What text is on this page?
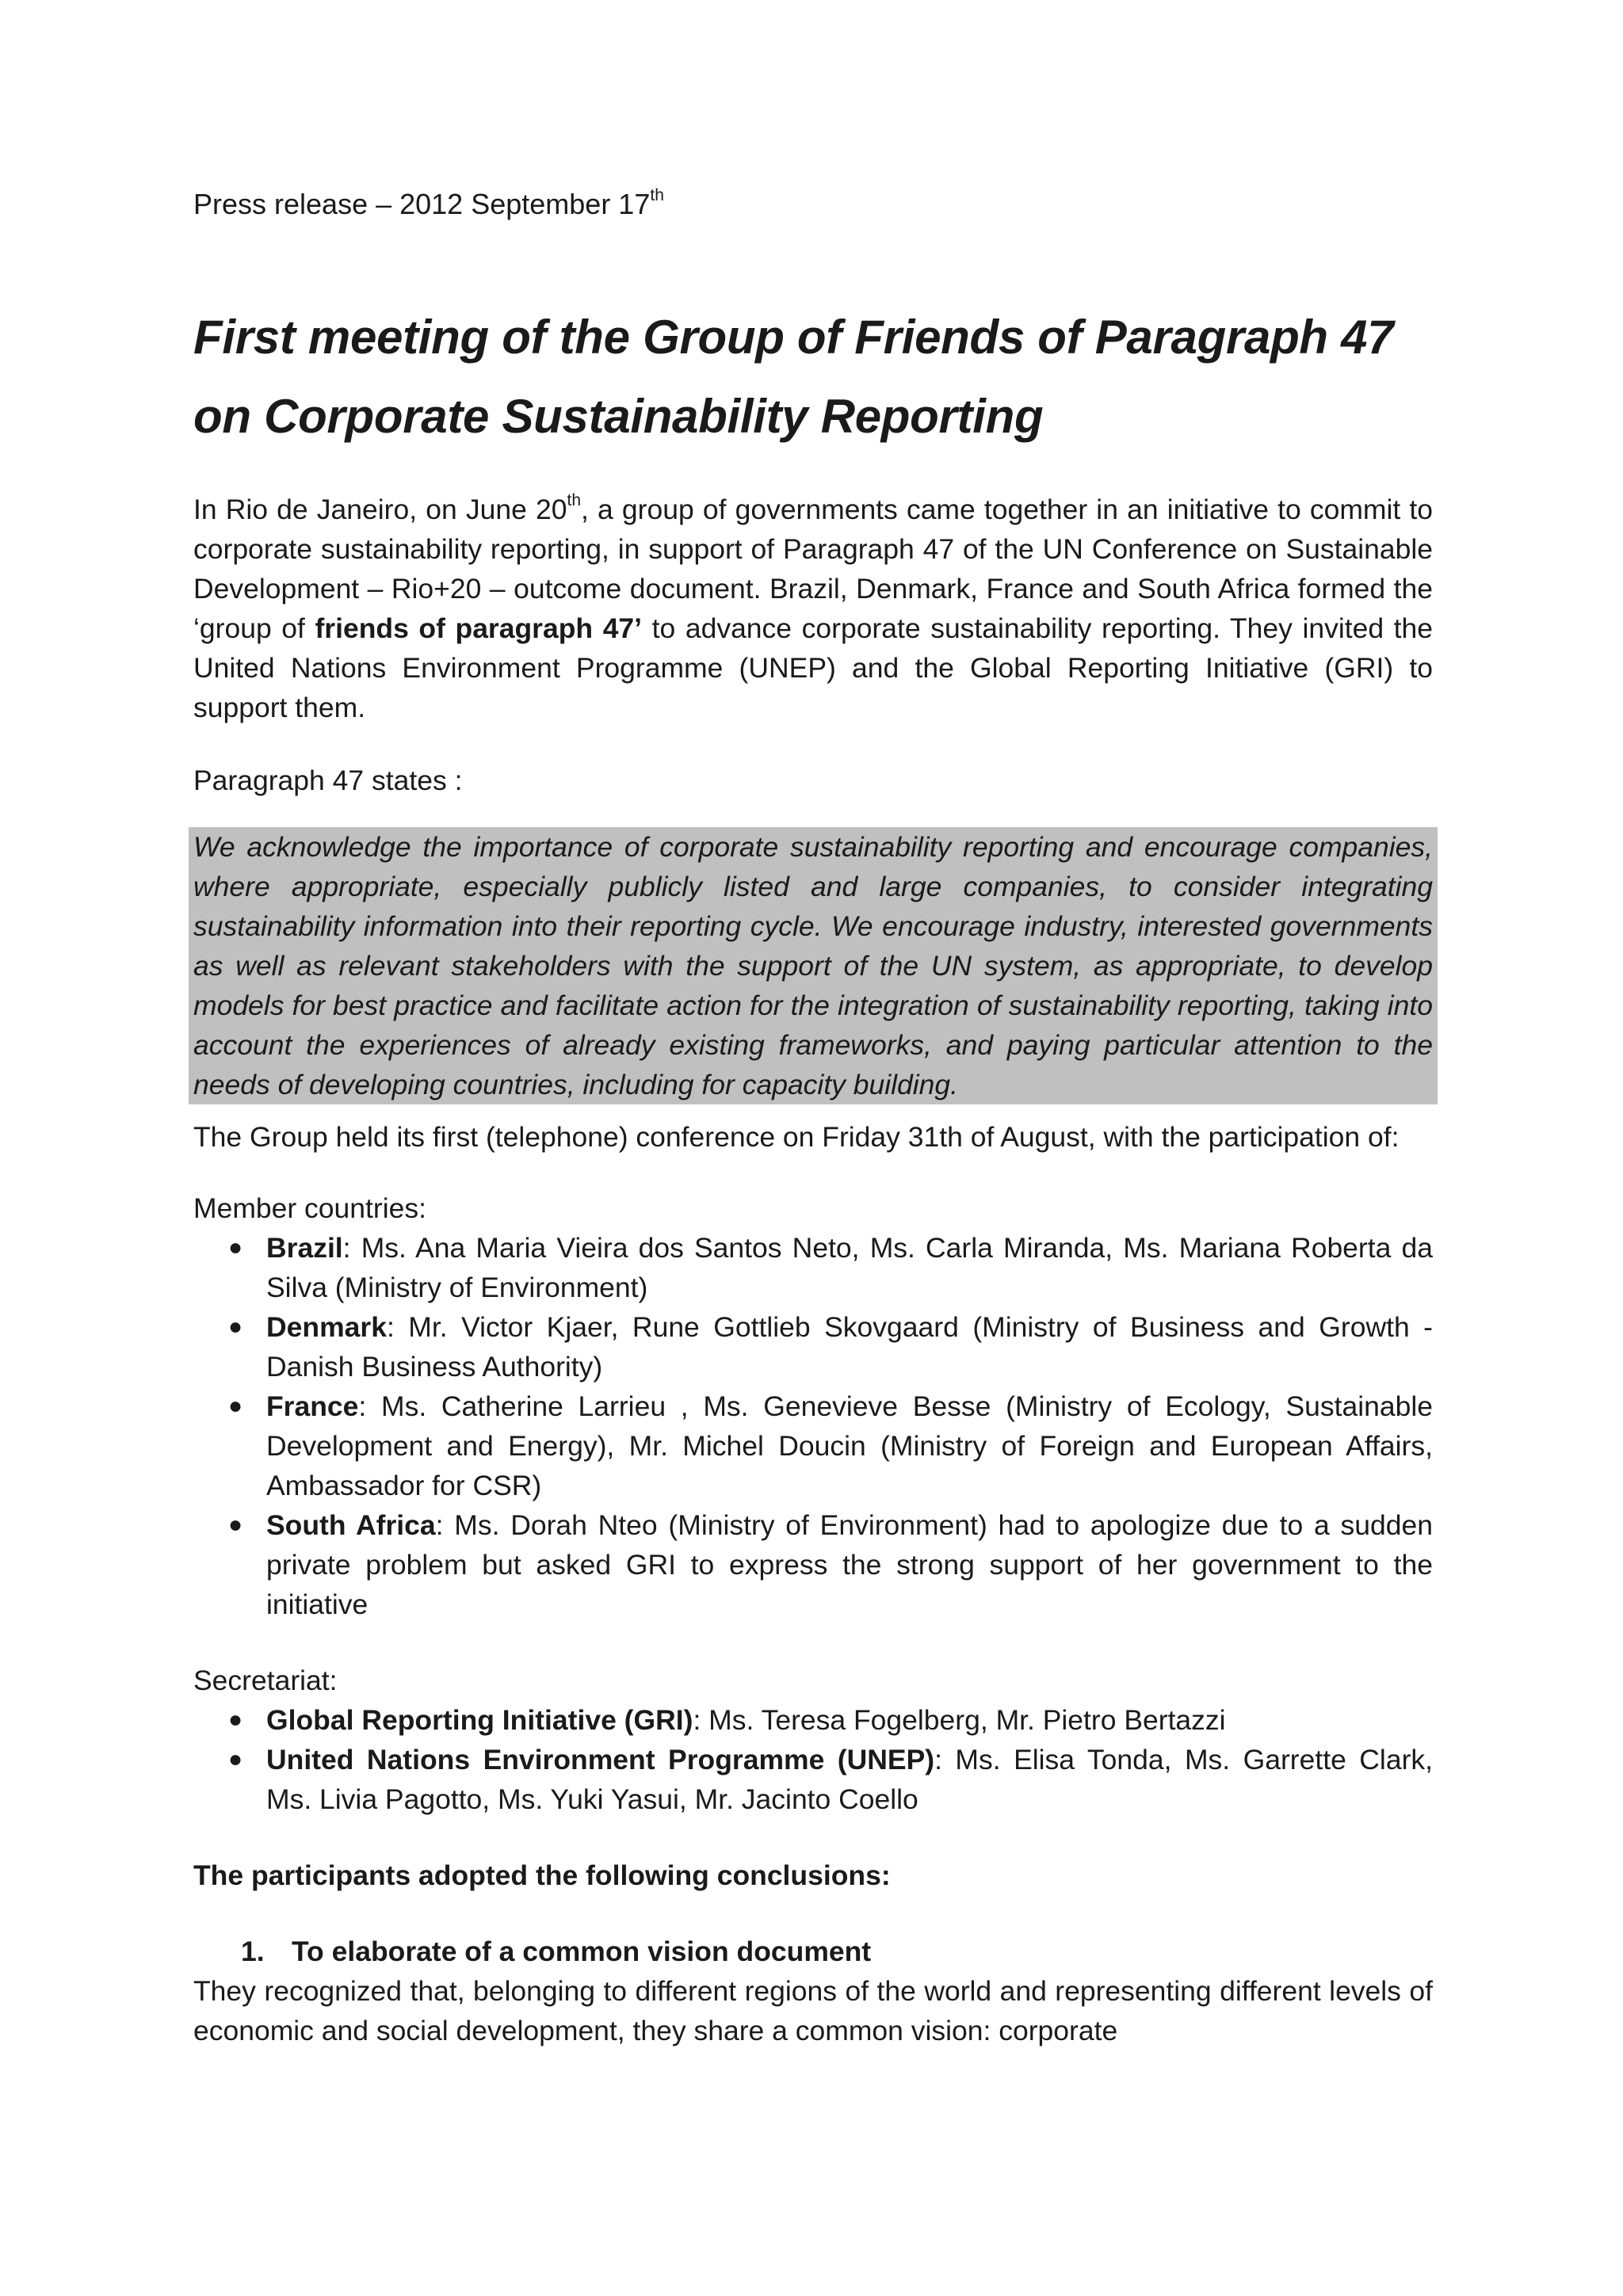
Press release – 2012 September 17th

First meeting of the Group of Friends of Paragraph 47
on Corporate Sustainability Reporting

In Rio de Janeiro, on June 20th, a group of governments came together in an initiative to commit to corporate sustainability reporting, in support of Paragraph 47 of the UN Conference on Sustainable Development – Rio+20 – outcome document. Brazil, Denmark, France and South Africa formed the ‘group of friends of paragraph 47’ to advance corporate sustainability reporting. They invited the United Nations Environment Programme (UNEP) and the Global Reporting Initiative (GRI) to support them.

Paragraph 47 states :

We acknowledge the importance of corporate sustainability reporting and encourage companies, where appropriate, especially publicly listed and large companies, to consider integrating sustainability information into their reporting cycle. We encourage industry, interested governments as well as relevant stakeholders with the support of the UN system, as appropriate, to develop models for best practice and facilitate action for the integration of sustainability reporting, taking into account the experiences of already existing frameworks, and paying particular attention to the needs of developing countries, including for capacity building.

The Group held its first (telephone) conference on Friday 31th of August, with the participation of:

Member countries:

● Brazil: Ms. Ana Maria Vieira dos Santos Neto, Ms. Carla Miranda, Ms. Mariana Roberta da Silva (Ministry of Environment)
● Denmark: Mr. Victor Kjaer, Rune Gottlieb Skovgaard (Ministry of Business and Growth - Danish Business Authority)
● France: Ms. Catherine Larrieu , Ms. Genevieve Besse (Ministry of Ecology, Sustainable Development and Energy), Mr. Michel Doucin (Ministry of Foreign and European Affairs, Ambassador for CSR)
● South Africa: Ms. Dorah Nteo (Ministry of Environment) had to apologize due to a sudden private problem but asked GRI to express the strong support of her government to the initiative

Secretariat:

● Global Reporting Initiative (GRI): Ms. Teresa Fogelberg, Mr. Pietro Bertazzi
● United Nations Environment Programme (UNEP): Ms. Elisa Tonda, Ms. Garrette Clark, Ms. Livia Pagotto, Ms. Yuki Yasui, Mr. Jacinto Coello

The participants adopted the following conclusions:

1. To elaborate of a common vision document

They recognized that, belonging to different regions of the world and representing different levels of economic and social development, they share a common vision: corporate
